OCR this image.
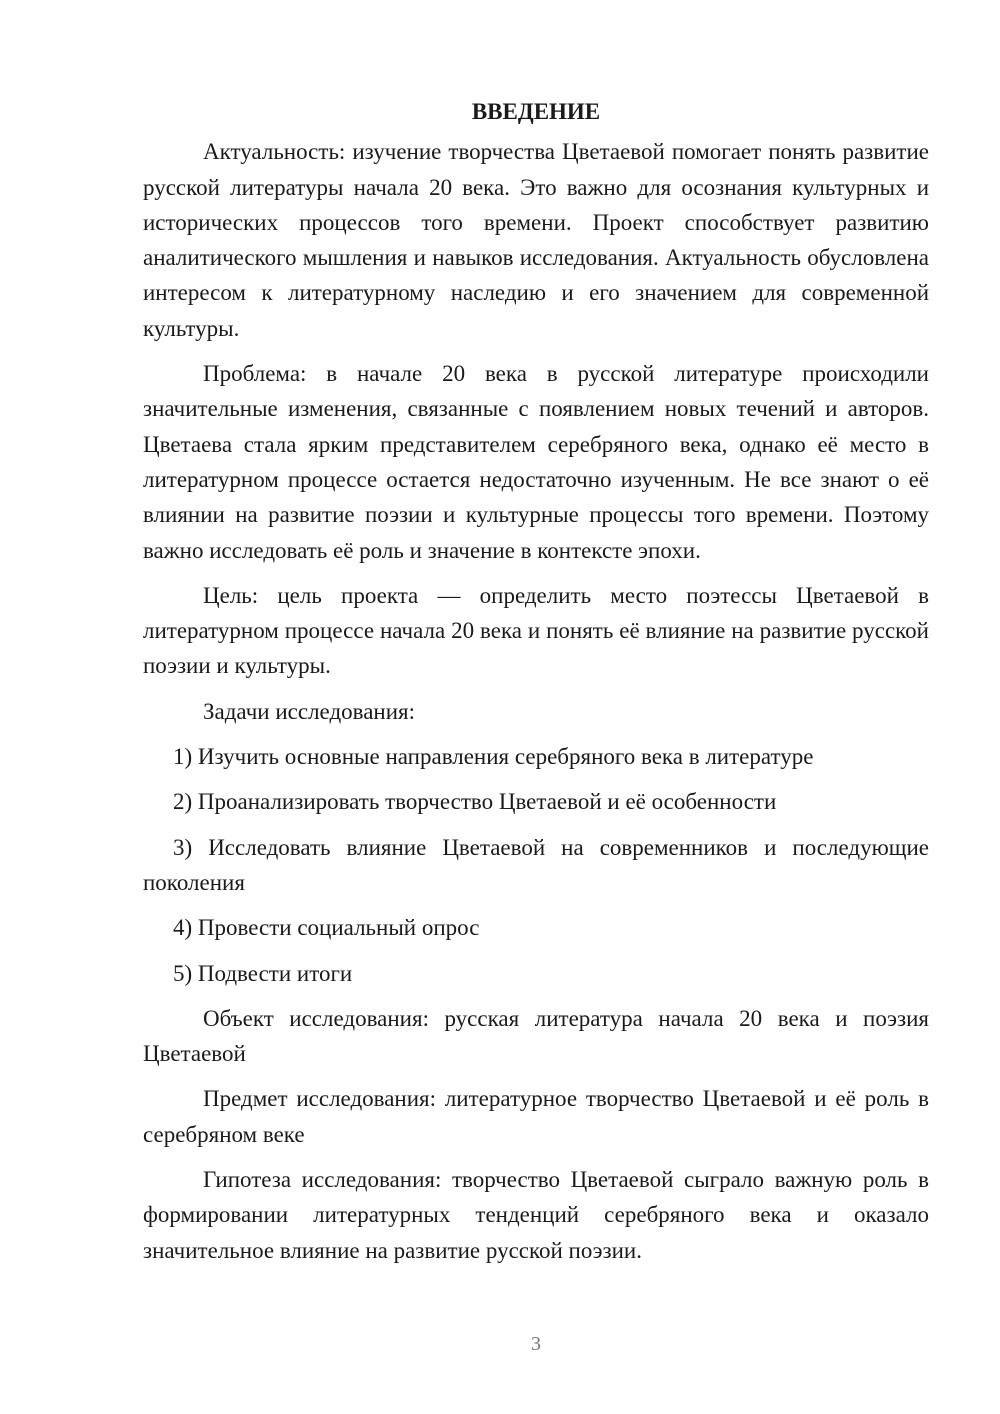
ВВЕДЕНИЕ

Актуальность: изучение творчества Цветаевой помогает понять развитие русской литературы начала 20 века. Это важно для осознания культурных и исторических процессов того времени. Проект способствует развитию аналитического мышления и навыков исследования. Актуальность обусловлена интересом к литературному наследию и его значением для современной культуры.

Проблема: в начале 20 века в русской литературе происходили значительные изменения, связанные с появлением новых течений и авторов. Цветаева стала ярким представителем серебряного века, однако её место в литературном процессе остается недостаточно изученным. Не все знают о её влиянии на развитие поэзии и культурные процессы того времени. Поэтому важно исследовать её роль и значение в контексте эпохи.

Цель: цель проекта — определить место поэтессы Цветаевой в литературном процессе начала 20 века и понять её влияние на развитие русской поэзии и культуры.

Задачи исследования:

1) Изучить основные направления серебряного века в литературе

2) Проанализировать творчество Цветаевой и её особенности

3) Исследовать влияние Цветаевой на современников и последующие поколения

4) Провести социальный опрос

5) Подвести итоги

Объект исследования: русская литература начала 20 века и поэзия Цветаевой

Предмет исследования: литературное творчество Цветаевой и её роль в серебряном веке

Гипотеза исследования: творчество Цветаевой сыграло важную роль в формировании литературных тенденций серебряного века и оказало значительное влияние на развитие русской поэзии.

3
